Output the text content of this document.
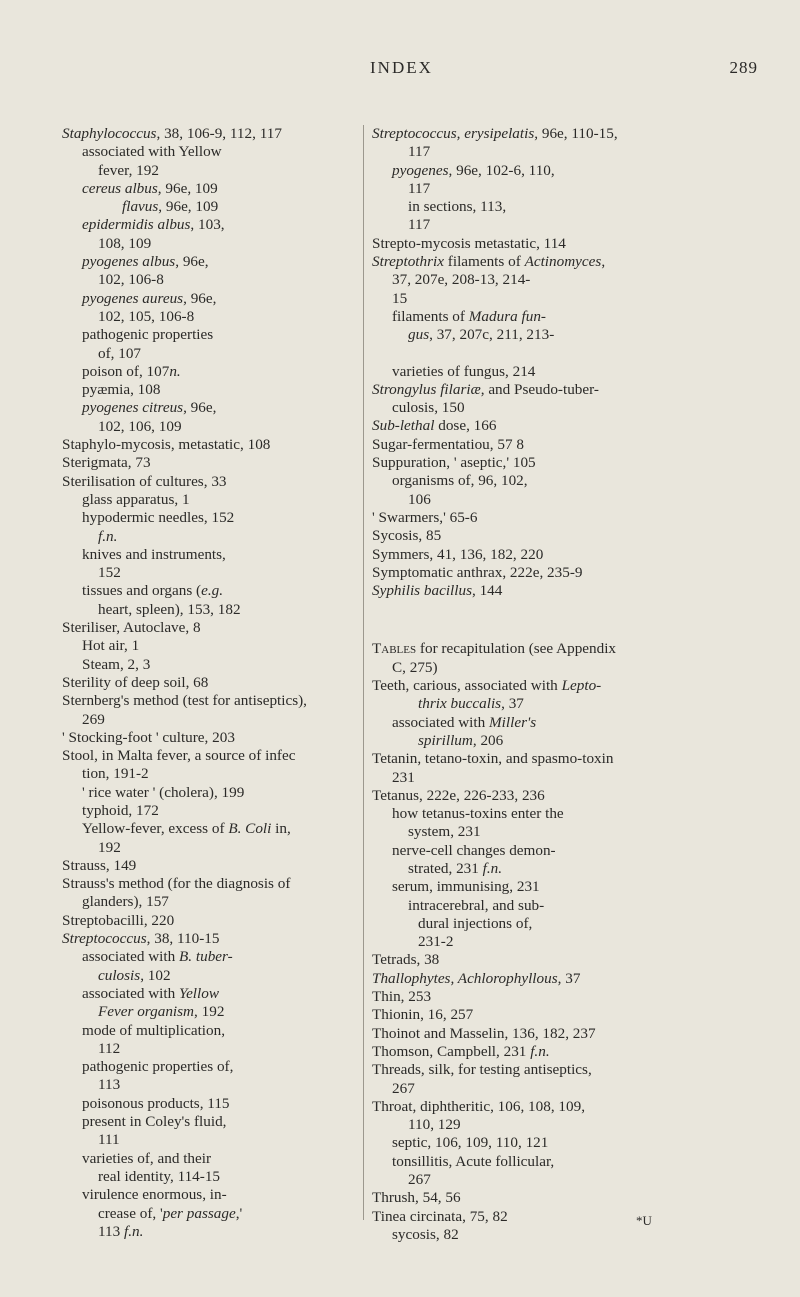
INDEX	289
Staphylococcus, 38, 106-9, 112, 117
associated with Yellow
fever, 192
cereus albus, 96e, 109
flavus, 96e, 109
epidermidis albus, 103,
108, 109
pyogenes albus, 96e,
102, 106-8
pyogenes aureus, 96e,
102, 105, 106-8
pathogenic properties
of, 107
poison of, 107n.
pyæmia, 108
pyogenes citreus, 96e,
102, 106, 109
Staphylo-mycosis, metastatic, 108
Sterigmata, 73
Sterilisation of cultures, 33
glass apparatus, 1
hypodermic needles, 152
f.n.
knives and instruments,
152
tissues and organs (e.g.
heart, spleen), 153, 182
Steriliser, Autoclave, 8
Hot air, 1
Steam, 2, 3
Sterility of deep soil, 68
Sternberg's method (test for antiseptics),
269
' Stocking-foot ' culture, 203
Stool, in Malta fever, a source of infec
tion, 191-2
' rice water ' (cholera), 199
typhoid, 172
Yellow-fever, excess of B. Coli in,
192
Strauss, 149
Strauss's method (for the diagnosis of
glanders), 157
Streptobacilli, 220
Streptococcus, 38, 110-15
associated with B. tuber-
culosis, 102
associated with Yellow
Fever organism, 192
mode of multiplication,
112
pathogenic properties of,
113
poisonous products, 115
present in Coley's fluid,
111
varieties of, and their
real identity, 114-15
virulence enormous, in-
crease of, 'per passage,'
113 f.n.
Streptococcus, erysipelatis, 96e, 110-15,
117
pyogenes, 96e, 102-6, 110,
117
in sections, 113,
117
Strepto-mycosis metastatic, 114
Streptothrix filaments of Actinomyces,
37, 207e, 208-13, 214-
15
filaments of Madura fun-
gus, 37, 207c, 211, 213-
varieties of fungus, 214
Strongylus filariæ, and Pseudo-tuber-
culosis, 150
Sub-lethal dose, 166
Sugar-fermentatiou, 57 8
Suppuration, ' aseptic,' 105
organisms of, 96, 102,
106
' Swarmers,' 65-6
Sycosis, 85
Symmers, 41, 136, 182, 220
Symptomatic anthrax, 222e, 235-9
Syphilis bacillus, 144
Tables for recapitulation (see Appendix
C, 275)
Teeth, carious, associated with Lepto-
thrix buccalis, 37
associated with Miller's
spirillum, 206
Tetanin, tetano-toxin, and spasmo-toxin
231
Tetanus, 222e, 226-233, 236
how tetanus-toxins enter the
system, 231
nerve-cell changes demon-
strated, 231 f.n.
serum, immunising, 231
intracerebral, and sub-
dural injections of,
231-2
Tetrads, 38
Thallophytes, Achlorophyllous, 37
Thin, 253
Thionin, 16, 257
Thoinot and Masselin, 136, 182, 237
Thomson, Campbell, 231 f.n.
Threads, silk, for testing antiseptics,
267
Throat, diphtheritic, 106, 108, 109,
110, 129
septic, 106, 109, 110, 121
tonsillitis, Acute follicular,
267
Thrush, 54, 56
Tinea circinata, 75, 82
sycosis, 82
*U
